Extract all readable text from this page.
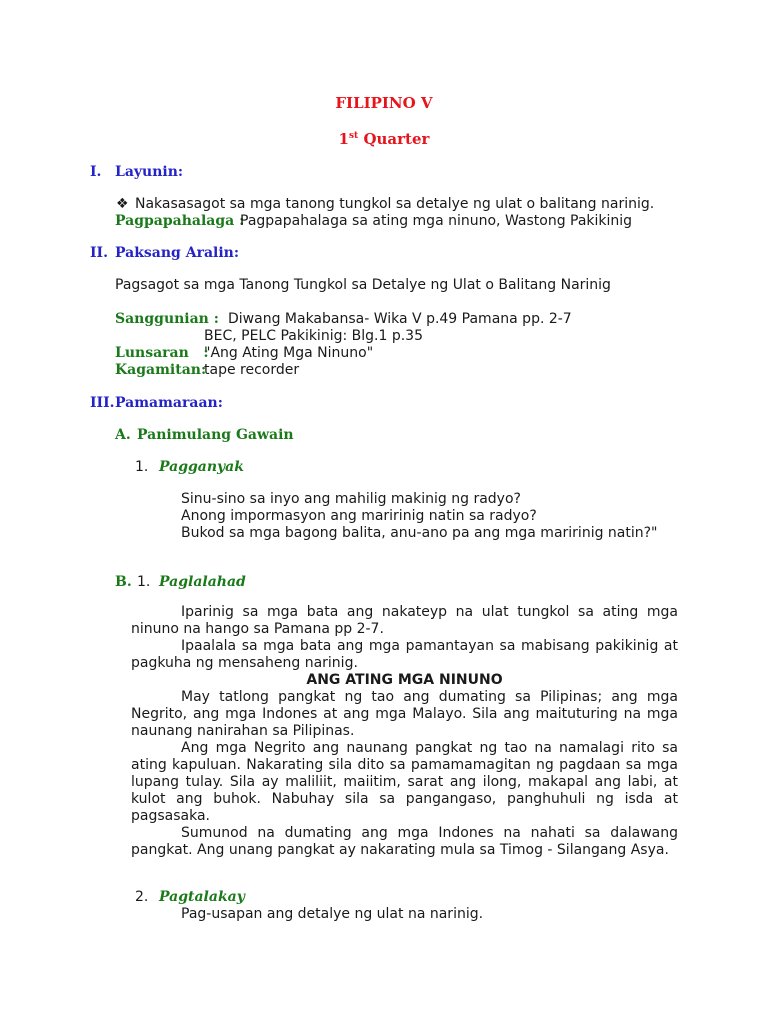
FILIPINO V
1st Quarter
I. Layunin:
❖ Nakasasagot sa mga tanong tungkol sa detalye ng ulat o balitang narinig.
Pagpapahalaga :
Pagpapahalaga sa ating mga ninuno, Wastong Pakikinig
II. Paksang Aralin:
Pagsagot sa mga Tanong Tungkol sa Detalye ng Ulat o Balitang Narinig
Sanggunian : Diwang Makabansa- Wika V p.49 Pamana pp. 2-7
BEC, PELC Pakikinig: Blg.1 p.35
Lunsaran   :
"Ang Ating Mga Ninuno"
Kagamitan:
tape recorder
III. Pamamaraan:
A. Panimulang Gawain
1. Pagganyak
Sinu-sino sa inyo ang mahilig makinig ng radyo?
Anong impormasyon ang maririnig natin sa radyo?
Bukod sa mga bagong balita, anu-ano pa ang mga maririnig natin?"
B. 1. Paglalahad

Iparinig sa mga bata ang nakateyp na ulat tungkol sa ating mga ninuno na hango sa Pamana pp 2-7.

Ipaalala sa mga bata ang mga pamantayan sa mabisang pakikinig at pagkuha ng mensaheng narinig.

ANG ATING MGA NINUNO

May tatlong pangkat ng tao ang dumating sa Pilipinas; ang mga Negrito, ang mga Indones at ang mga Malayo. Sila ang maituturing na mga naunang nanirahan sa Pilipinas.

Ang mga Negrito ang naunang pangkat ng tao na namalagi rito sa ating kapuluan. Nakarating sila dito sa pamamamagitan ng pagdaan sa mga lupang tulay. Sila ay maliliit, maiitim, sarat ang ilong, makapal ang labi, at kulot ang buhok. Nabuhay sila sa pangangaso, panghuhuli ng isda at pagsasaka.

Sumunod na dumating ang mga Indones na nahati sa dalawang pangkat. Ang unang pangkat ay nakarating mula sa Timog - Silangang Asya.

2. Pagtalakay
Pag-usapan ang detalye ng ulat na narinig.
